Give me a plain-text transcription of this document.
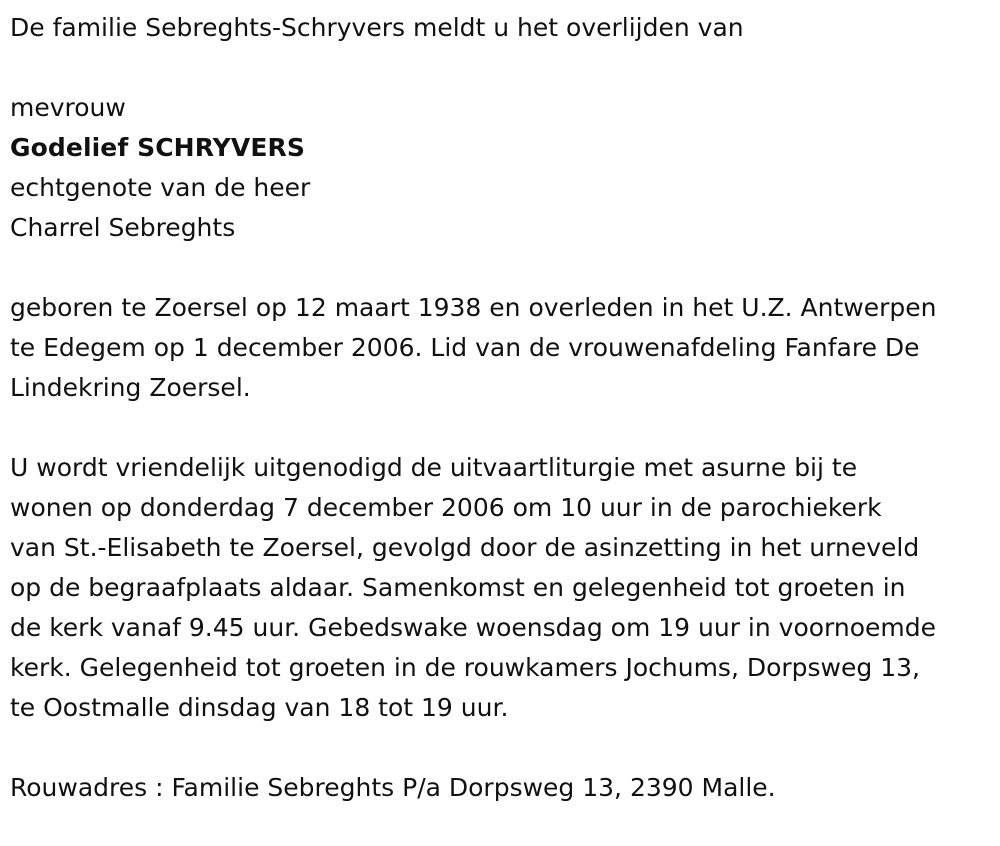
De familie Sebreghts-Schryvers meldt u het overlijden van

mevrouw

Godelief SCHRYVERS

echtgenote van de heer

Charrel Sebreghts

geboren te Zoersel op 12 maart 1938 en overleden in het U.Z. Antwerpen

te Edegem op 1 december 2006. Lid van de vrouwenafdeling Fanfare De

Lindekring Zoersel.

U wordt vriendelijk uitgenodigd de uitvaartliturgie met asurne bij te

wonen op donderdag 7 december 2006 om 10 uur in de parochiekerk

van St.-Elisabeth te Zoersel, gevolgd door de asinzetting in het urneveld

op de begraafplaats aldaar. Samenkomst en gelegenheid tot groeten in

de kerk vanaf 9.45 uur. Gebedswake woensdag om 19 uur in voornoemde

kerk. Gelegenheid tot groeten in de rouwkamers Jochums, Dorpsweg 13,

te Oostmalle dinsdag van 18 tot 19 uur.

Rouwadres : Familie Sebreghts P/a Dorpsweg 13, 2390 Malle.
